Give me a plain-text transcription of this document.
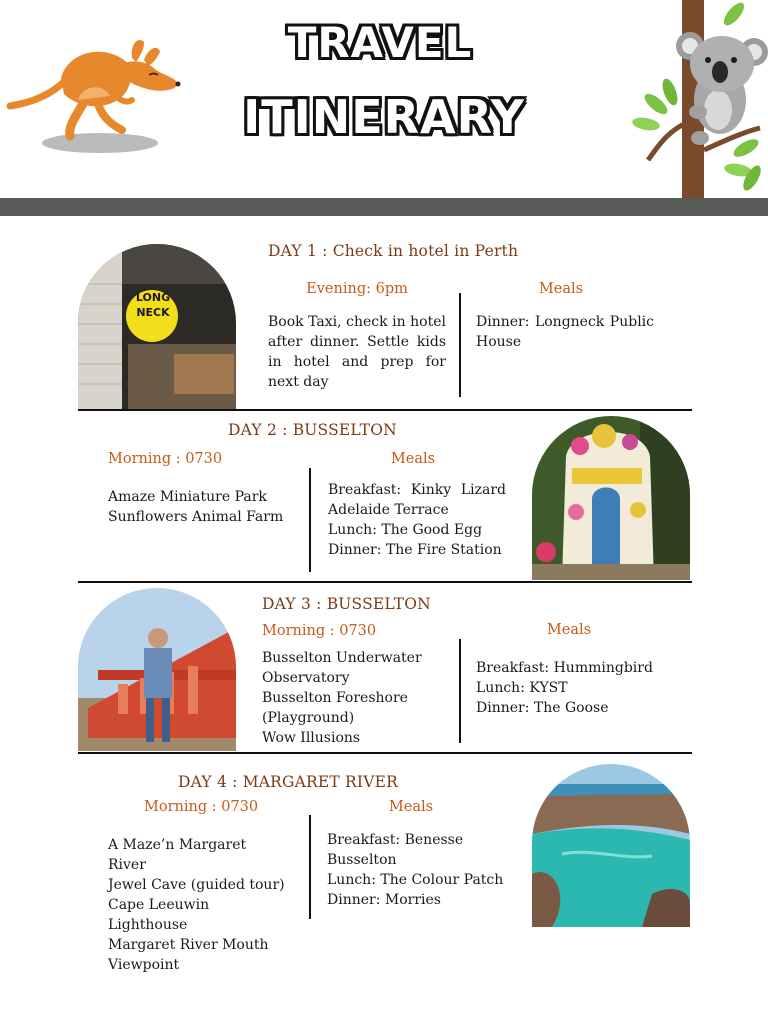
TRAVEL
ITINERARY
LONG NECK
DAY 1 : Check in hotel in Perth
Evening: 6pm	Meals
Book Taxi, check in hotel after dinner. Settle kids in hotel and prep for next day
Dinner: Longneck Public House
DAY 2 : BUSSELTON
Morning : 0730	Meals
Amaze Miniature Park
Sunflowers Animal Farm
Breakfast: Kinky Lizard Adelaide Terrace
Lunch: The Good Egg
Dinner: The Fire Station
DAY 3 : BUSSELTON
Morning : 0730	Meals
Busselton Underwater Observatory
Busselton Foreshore (Playground)
Wow Illusions
Breakfast: Hummingbird
Lunch: KYST
Dinner: The Goose
DAY 4 : MARGARET RIVER
Morning : 0730	Meals
A Maze’n Margaret River
Jewel Cave (guided tour)
Cape Leeuwin Lighthouse
Margaret River Mouth Viewpoint
Breakfast: Benesse Busselton
Lunch: The Colour Patch
Dinner: Morries
